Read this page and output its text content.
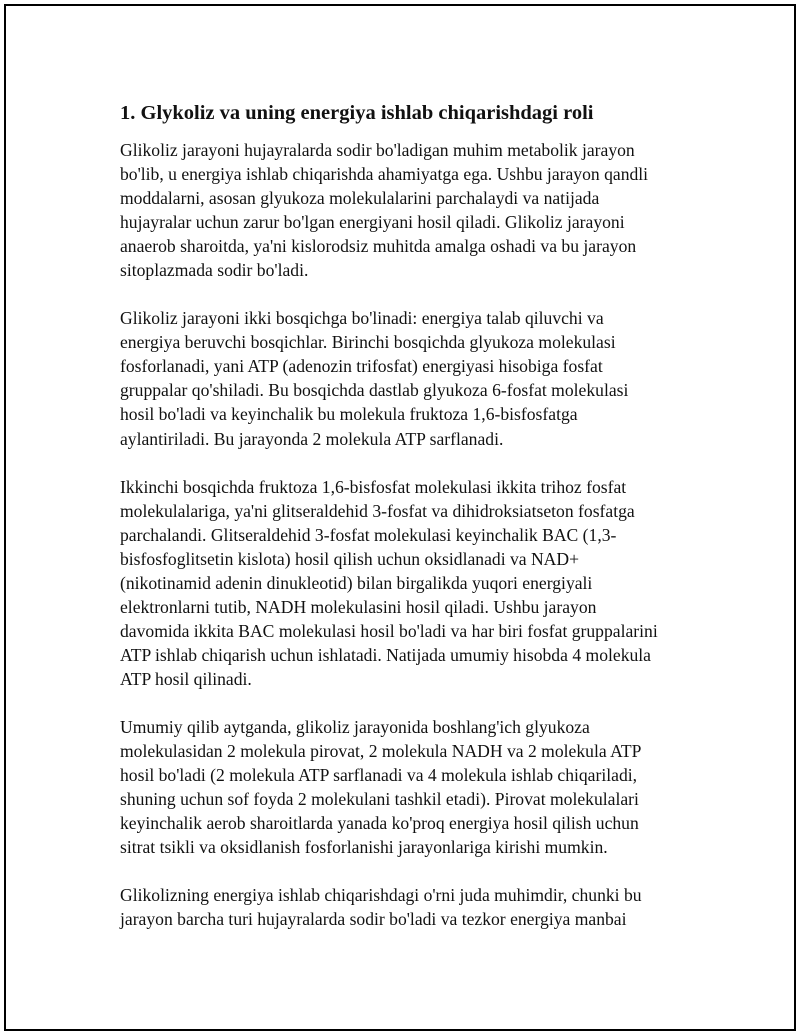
1. Glykoliz va uning energiya ishlab chiqarishdagi roli

Glikoliz jarayoni hujayralarda sodir bo'ladigan muhim metabolik jarayon
bo'lib, u energiya ishlab chiqarishda ahamiyatga ega. Ushbu jarayon qandli
moddalarni, asosan glyukoza molekulalarini parchalaydi va natijada
hujayralar uchun zarur bo'lgan energiyani hosil qiladi. Glikoliz jarayoni
anaerob sharoitda, ya'ni kislorodsiz muhitda amalga oshadi va bu jarayon
sitoplazmada sodir bo'ladi.

Glikoliz jarayoni ikki bosqichga bo'linadi: energiya talab qiluvchi va
energiya beruvchi bosqichlar. Birinchi bosqichda glyukoza molekulasi
fosforlanadi, yani ATP (adenozin trifosfat) energiyasi hisobiga fosfat
gruppalar qo'shiladi. Bu bosqichda dastlab glyukoza 6-fosfat molekulasi
hosil bo'ladi va keyinchalik bu molekula fruktoza 1,6-bisfosfatga
aylantiriladi. Bu jarayonda 2 molekula ATP sarflanadi.

Ikkinchi bosqichda fruktoza 1,6-bisfosfat molekulasi ikkita trihoz fosfat
molekulalariga, ya'ni glitseraldehid 3-fosfat va dihidroksiatseton fosfatga
parchalandi. Glitseraldehid 3-fosfat molekulasi keyinchalik BAC (1,3-
bisfosfoglitsetin kislota) hosil qilish uchun oksidlanadi va NAD+
(nikotinamid adenin dinukleotid) bilan birgalikda yuqori energiyali
elektronlarni tutib, NADH molekulasini hosil qiladi. Ushbu jarayon
davomida ikkita BAC molekulasi hosil bo'ladi va har biri fosfat gruppalarini
ATP ishlab chiqarish uchun ishlatadi. Natijada umumiy hisobda 4 molekula
ATP hosil qilinadi.

Umumiy qilib aytganda, glikoliz jarayonida boshlang'ich glyukoza
molekulasidan 2 molekula pirovat, 2 molekula NADH va 2 molekula ATP
hosil bo'ladi (2 molekula ATP sarflanadi va 4 molekula ishlab chiqariladi,
shuning uchun sof foyda 2 molekulani tashkil etadi). Pirovat molekulalari
keyinchalik aerob sharoitlarda yanada ko'proq energiya hosil qilish uchun
sitrat tsikli va oksidlanish fosforlanishi jarayonlariga kirishi mumkin.

Glikolizning energiya ishlab chiqarishdagi o'rni juda muhimdir, chunki bu
jarayon barcha turi hujayralarda sodir bo'ladi va tezkor energiya manbai
